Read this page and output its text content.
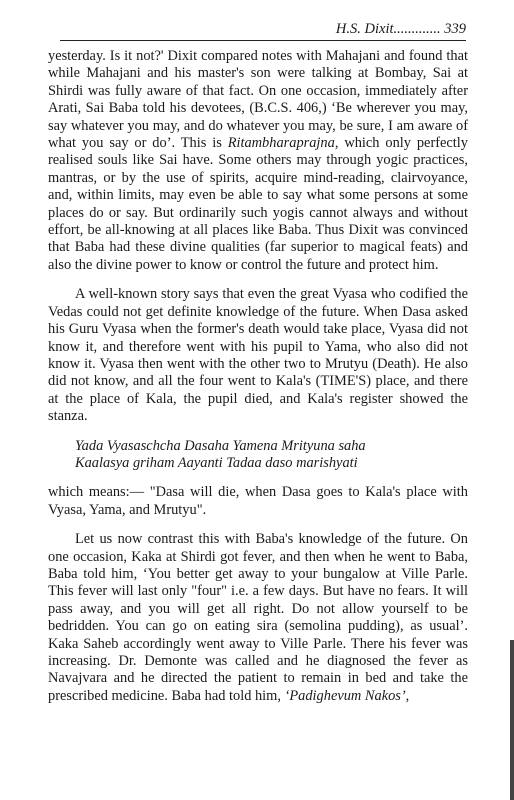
H.S. Dixit............. 339

yesterday. Is it not?' Dixit compared notes with Mahajani and found that while Mahajani and his master's son were talking at Bombay, Sai at Shirdi was fully aware of that fact. On one occasion, immediately after Arati, Sai Baba told his devotees, (B.C.S. 406,) ‘Be wherever you may, say whatever you may, and do whatever you may, be sure, I am aware of what you say or do’. This is Ritambharaprajna, which only perfectly realised souls like Sai have. Some others may through yogic practices, mantras, or by the use of spirits, acquire mind-reading, clairvoyance, and, within limits, may even be able to say what some persons at some places do or say. But ordinarily such yogis cannot always and without effort, be all-knowing at all places like Baba. Thus Dixit was convinced that Baba had these divine qualities (far superior to magical feats) and also the divine power to know or control the future and protect him.

A well-known story says that even the great Vyasa who codified the Vedas could not get definite knowledge of the future. When Dasa asked his Guru Vyasa when the former's death would take place, Vyasa did not know it, and therefore went with his pupil to Yama, who also did not know it. Vyasa then went with the other two to Mrutyu (Death). He also did not know, and all the four went to Kala's (TIME'S) place, and there at the place of Kala, the pupil died, and Kala's register showed the stanza.

Yada Vyasaschcha Dasaha Yamena Mrityuna saha
Kaalasya griham Aayanti Tadaa daso marishyati

which means:— "Dasa will die, when Dasa goes to Kala's place with Vyasa, Yama, and Mrutyu".

Let us now contrast this with Baba's knowledge of the future. On one occasion, Kaka at Shirdi got fever, and then when he went to Baba, Baba told him, ‘You better get away to your bungalow at Ville Parle. This fever will last only "four" i.e. a few days. But have no fears. It will pass away, and you will get all right. Do not allow yourself to be bedridden. You can go on eating sira (semolina pudding), as usual’. Kaka Saheb accordingly went away to Ville Parle. There his fever was increasing. Dr. Demonte was called and he diagnosed the fever as Navajvara and he directed the patient to remain in bed and take the prescribed medicine. Baba had told him, ‘Padighevum Nakos’,
